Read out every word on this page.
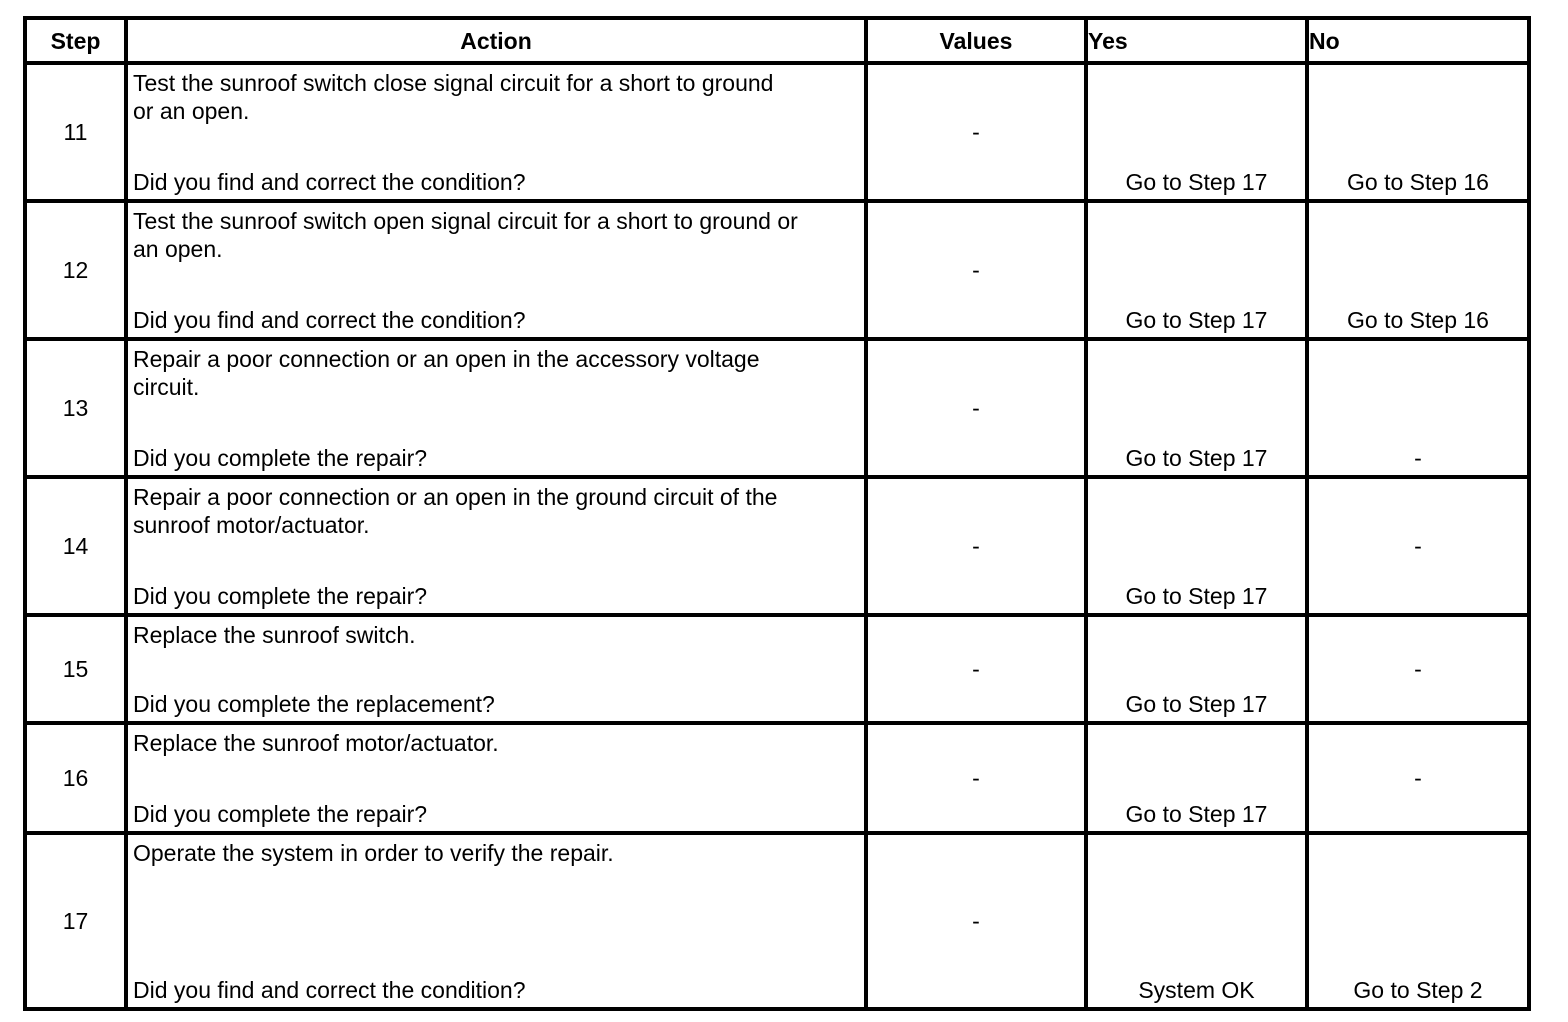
Step	Action	Values	Yes	No
11	Test the sunroof switch close signal circuit for a short to ground
or an open.
Did you find and correct the condition?	-	Go to Step 17	Go to Step 16

12	Test the sunroof switch open signal circuit for a short to ground or
an open.
Did you find and correct the condition?	-	Go to Step 17	Go to Step 16

13	Repair a poor connection or an open in the accessory voltage
circuit.
Did you complete the repair?	-	Go to Step 17	-

14	Repair a poor connection or an open in the ground circuit of the
sunroof motor/actuator.
Did you complete the repair?	-	Go to Step 17	-

15	Replace the sunroof switch.
Did you complete the replacement?	-	Go to Step 17	-

16	Replace the sunroof motor/actuator.
Did you complete the repair?	-	Go to Step 17	-

17	Operate the system in order to verify the repair.
Did you find and correct the condition?	-	System OK	Go to Step 2
